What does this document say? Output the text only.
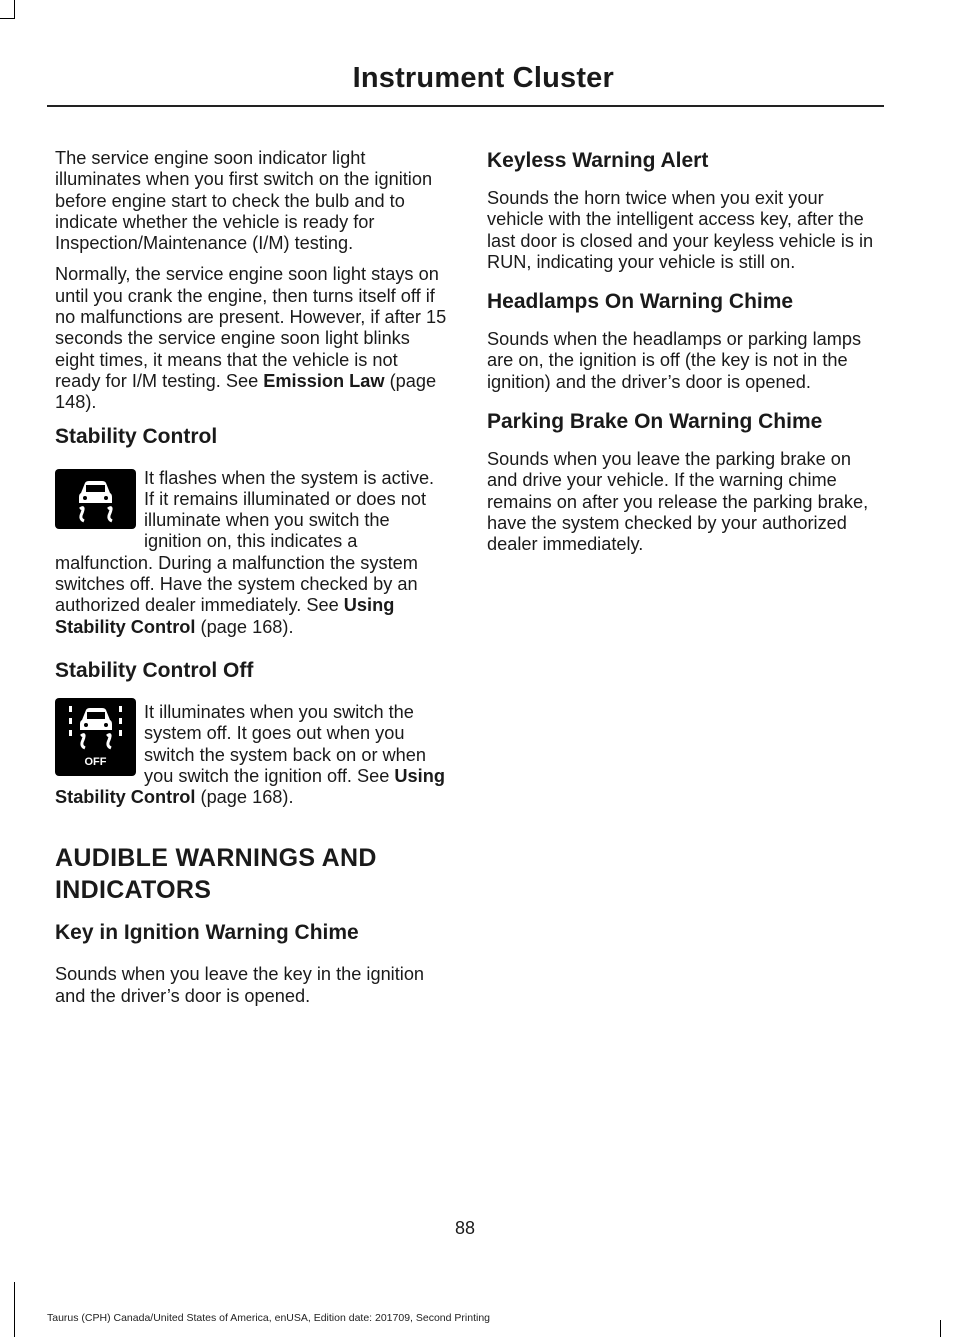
Instrument Cluster

The service engine soon indicator light illuminates when you first switch on the ignition before engine start to check the bulb and to indicate whether the vehicle is ready for Inspection/Maintenance (I/M) testing.

Normally, the service engine soon light stays on until you crank the engine, then turns itself off if no malfunctions are present. However, if after 15 seconds the service engine soon light blinks eight times, it means that the vehicle is not ready for I/M testing. See Emission Law (page 148).

Stability Control
It flashes when the system is active. If it remains illuminated or does not illuminate when you switch the ignition on, this indicates a malfunction. During a malfunction the system switches off. Have the system checked by an authorized dealer immediately. See Using Stability Control (page 168).
Stability Control Off
OFF
It illuminates when you switch the system off. It goes out when you switch the system back on or when you switch the ignition off. See Using Stability Control (page 168).
AUDIBLE WARNINGS AND INDICATORS
Key in Ignition Warning Chime

Sounds when you leave the key in the ignition and the driver’s door is opened.

Keyless Warning Alert

Sounds the horn twice when you exit your vehicle with the intelligent access key, after the last door is closed and your keyless vehicle is in RUN, indicating your vehicle is still on.

Headlamps On Warning Chime

Sounds when the headlamps or parking lamps are on, the ignition is off (the key is not in the ignition) and the driver’s door is opened.

Parking Brake On Warning Chime

Sounds when you leave the parking brake on and drive your vehicle. If the warning chime remains on after you release the parking brake, have the system checked by your authorized dealer immediately.

88
Taurus (CPH) Canada/United States of America, enUSA, Edition date: 201709, Second Printing
